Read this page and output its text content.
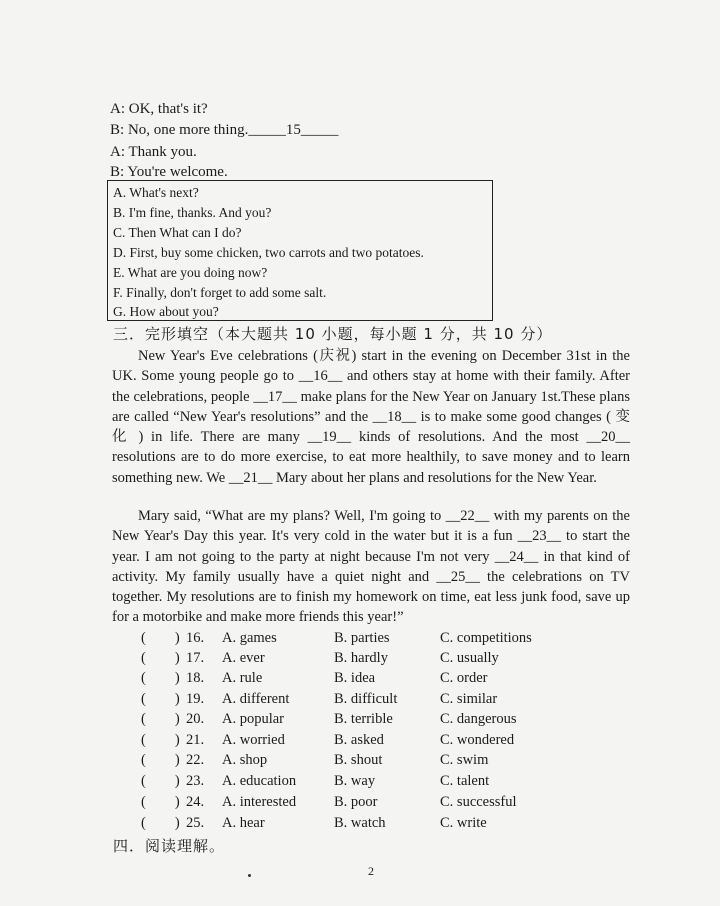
A: OK, that's it?
B: No, one more thing._____15_____
A: Thank you.
B: You're welcome.
A. What's next?
B. I'm fine, thanks. And you?
C. Then What can I do?
D. First, buy some chicken, two carrots and two potatoes.
E. What are you doing now?
F. Finally, don't forget to add some salt.
G. How about you?
三．完形填空（本大题共 10 小题，每小题 1 分，共 10 分）
New Year's Eve celebrations (庆祝) start in the evening on December 31st in the UK. Some young people go to __16__ and others stay at home with their family. After the celebrations, people __17__ make plans for the New Year on January 1st.These plans are called “New Year's resolutions” and the __18__ is to make some good changes ( 变 化 ) in life. There are many __19__ kinds of resolutions. And the most __20__ resolutions are to do more exercise, to eat more healthily, to save money and to learn something new. We __21__ Mary about her plans and resolutions for the New Year.
Mary said, “What are my plans? Well, I'm going to __22__ with my parents on the New Year's Day this year. It's very cold in the water but it is a fun __23__ to start the year. I am not going to the party at night because I'm not very __24__ in that kind of activity. My family usually have a quiet night and __25__ the celebrations on TV together. My resolutions are to finish my homework on time, eat less junk food, save up for a motorbike and make more friends this year!”
(　　) 16. A. games	B. parties	C. competitions
(　　) 17. A. ever	B. hardly	C. usually
(　　) 18. A. rule	B. idea	C. order
(　　) 19. A. different	B. difficult	C. similar
(　　) 20. A. popular	B. terrible	C. dangerous
(　　) 21. A. worried	B. asked	C. wondered
(　　) 22. A. shop	B. shout	C. swim
(　　) 23. A. education	B. way	C. talent
(　　) 24. A. interested	B. poor	C. successful
(　　) 25. A. hear	B. watch	C. write
四．阅读理解。
2
